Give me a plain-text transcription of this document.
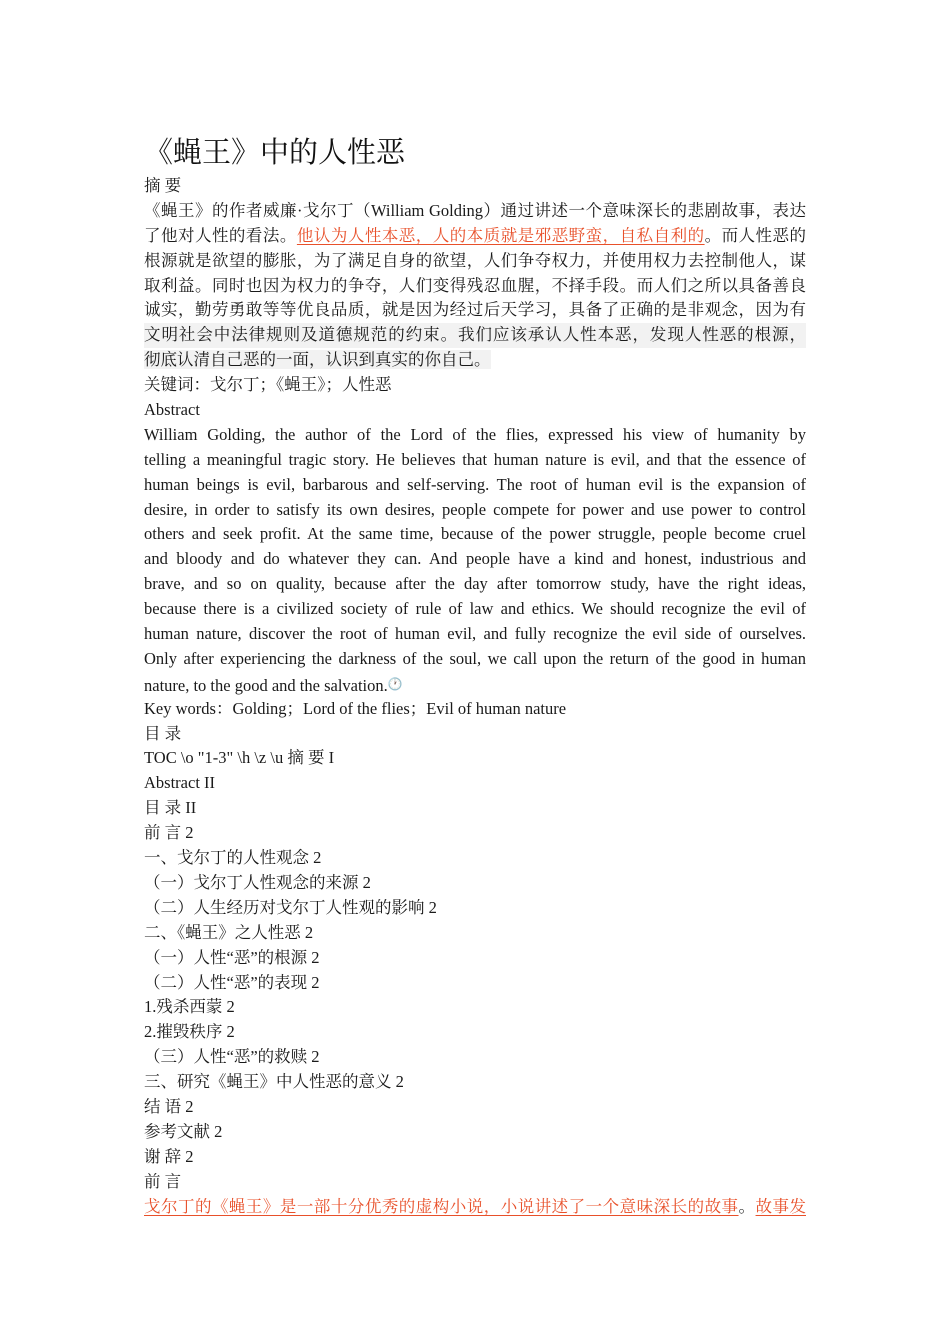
《蝇王》中的人性恶
摘 要
《蝇王》的作者威廉·戈尔丁（William Golding）通过讲述一个意味深长的悲剧故事，表达
了他对人性的看法。他认为人性本恶，人的本质就是邪恶野蛮，自私自利的。而人性恶的
根源就是欲望的膨胀，为了满足自身的欲望，人们争夺权力，并使用权力去控制他人，谋
取利益。同时也因为权力的争夺，人们变得残忍血腥，不择手段。而人们之所以具备善良
诚实，勤劳勇敢等等优良品质，就是因为经过后天学习，具备了正确的是非观念，因为有
文明社会中法律规则及道德规范的约束。我们应该承认人性本恶，发现人性恶的根源，
彻底认清自己恶的一面，认识到真实的你自己。
关键词：戈尔丁；《蝇王》；人性恶
Abstract
William Golding, the author of the Lord of the flies, expressed his view of humanity by
telling a meaningful tragic story. He believes that human nature is evil, and that the essence of
human beings is evil, barbarous and self-serving. The root of human evil is the expansion of
desire, in order to satisfy its own desires, people compete for power and use power to control
others and seek profit. At the same time, because of the power struggle, people become cruel
and bloody and do whatever they can. And people have a kind and honest, industrious and
brave, and so on quality, because after the day after tomorrow study, have the right ideas,
because there is a civilized society of rule of law and ethics. We should recognize the evil of
human nature, discover the root of human evil, and fully recognize the evil side of ourselves.
Only after experiencing the darkness of the soul, we call upon the return of the good in human
nature, to the good and the salvation.🕐
Key words：Golding；Lord of the flies；Evil of human nature
目 录
TOC \o "1-3" \h \z \u 摘 要 I
Abstract II
目 录 II
前 言 2
一、戈尔丁的人性观念 2
（一）戈尔丁人性观念的来源 2
（二）人生经历对戈尔丁人性观的影响 2
二、《蝇王》之人性恶 2
（一）人性“恶”的根源 2
（二）人性“恶”的表现 2
1.残杀西蒙 2
2.摧毁秩序 2
（三）人性“恶”的救赎 2
三、研究《蝇王》中人性恶的意义 2
结 语 2
参考文献 2
谢 辞 2
前 言
戈尔丁的《蝇王》是一部十分优秀的虚构小说，小说讲述了一个意味深长的故事。故事发
